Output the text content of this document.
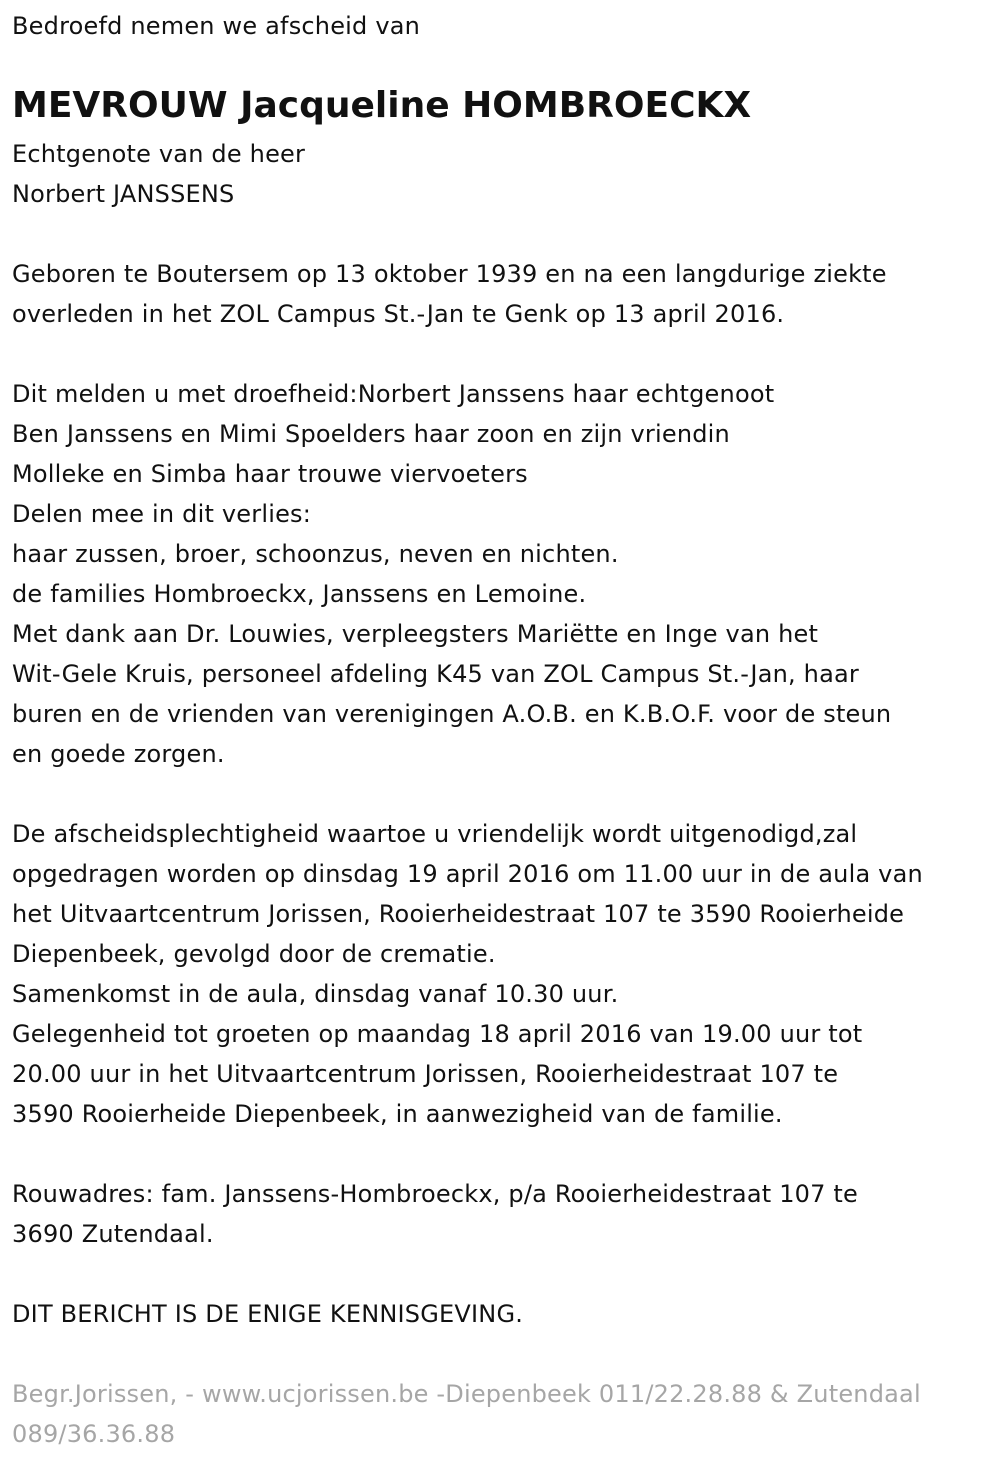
Bedroefd nemen we afscheid van
MEVROUW Jacqueline HOMBROECKX
Echtgenote van de heer
Norbert JANSSENS
Geboren te Boutersem op 13 oktober 1939 en na een langdurige ziekte
overleden in het ZOL Campus St.-Jan te Genk op 13 april 2016.
Dit melden u met droefheid:Norbert Janssens haar echtgenoot
Ben Janssens en Mimi Spoelders haar zoon en zijn vriendin
Molleke en Simba haar trouwe viervoeters
Delen mee in dit verlies:
haar zussen, broer, schoonzus, neven en nichten.
de families Hombroeckx, Janssens en Lemoine.
Met dank aan Dr. Louwies, verpleegsters Mariëtte en Inge van het
Wit-Gele Kruis, personeel afdeling K45 van ZOL Campus St.-Jan, haar
buren en de vrienden van verenigingen A.O.B. en K.B.O.F. voor de steun
en goede zorgen.
De afscheidsplechtigheid waartoe u vriendelijk wordt uitgenodigd,zal
opgedragen worden op dinsdag 19 april 2016 om 11.00 uur in de aula van
het Uitvaartcentrum Jorissen, Rooierheidestraat 107 te 3590 Rooierheide
Diepenbeek, gevolgd door de crematie.
Samenkomst in de aula, dinsdag vanaf 10.30 uur.
Gelegenheid tot groeten op maandag 18 april 2016 van 19.00 uur tot
20.00 uur in het Uitvaartcentrum Jorissen, Rooierheidestraat 107 te
3590 Rooierheide Diepenbeek, in aanwezigheid van de familie.
Rouwadres: fam. Janssens-Hombroeckx, p/a Rooierheidestraat 107 te
3690 Zutendaal.
DIT BERICHT IS DE ENIGE KENNISGEVING.
Begr.Jorissen, - www.ucjorissen.be -Diepenbeek 011/22.28.88 & Zutendaal
089/36.36.88
